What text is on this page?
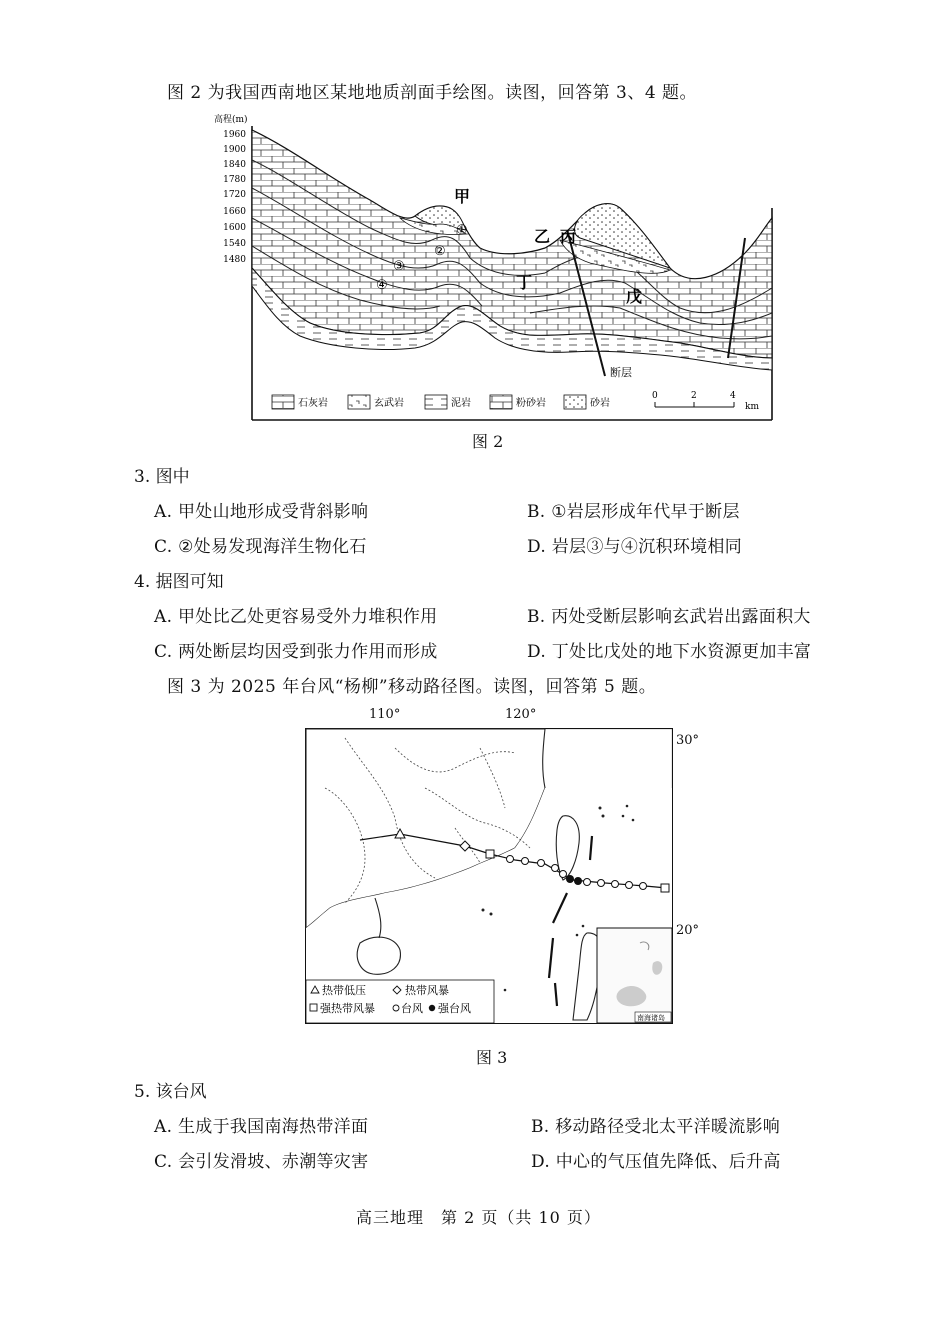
图 2 为我国西南地区某地地质剖面手绘图。读图，回答第 3、4 题。
高程(m)
1960
1900
1840
1780
1720
1660
1600
1540
1480
甲
乙 丙
丁
戊
①
②
③
④
断层
石灰岩	玄武岩	泥岩	粉砂岩	砂岩
0	2	4
km
图 2
3. 图中
A. 甲处山地形成受背斜影响	B. ①岩层形成年代早于断层
C. ②处易发现海洋生物化石	D. 岩层③与④沉积环境相同
4. 据图可知
A. 甲处比乙处更容易受外力堆积作用	B. 丙处受断层影响玄武岩出露面积大
C. 两处断层均因受到张力作用而形成	D. 丁处比戊处的地下水资源更加丰富
图 3 为 2025 年台风“杨柳”移动路径图。读图，回答第 5 题。
110°	120°
30°
20°
南海诸岛
热带低压	热带风暴
强热带风暴 台风 强台风
图 3
5. 该台风
A. 生成于我国南海热带洋面	B. 移动路径受北太平洋暖流影响
C. 会引发滑坡、赤潮等灾害	D. 中心的气压值先降低、后升高
高三地理　第 2 页（共 10 页）
